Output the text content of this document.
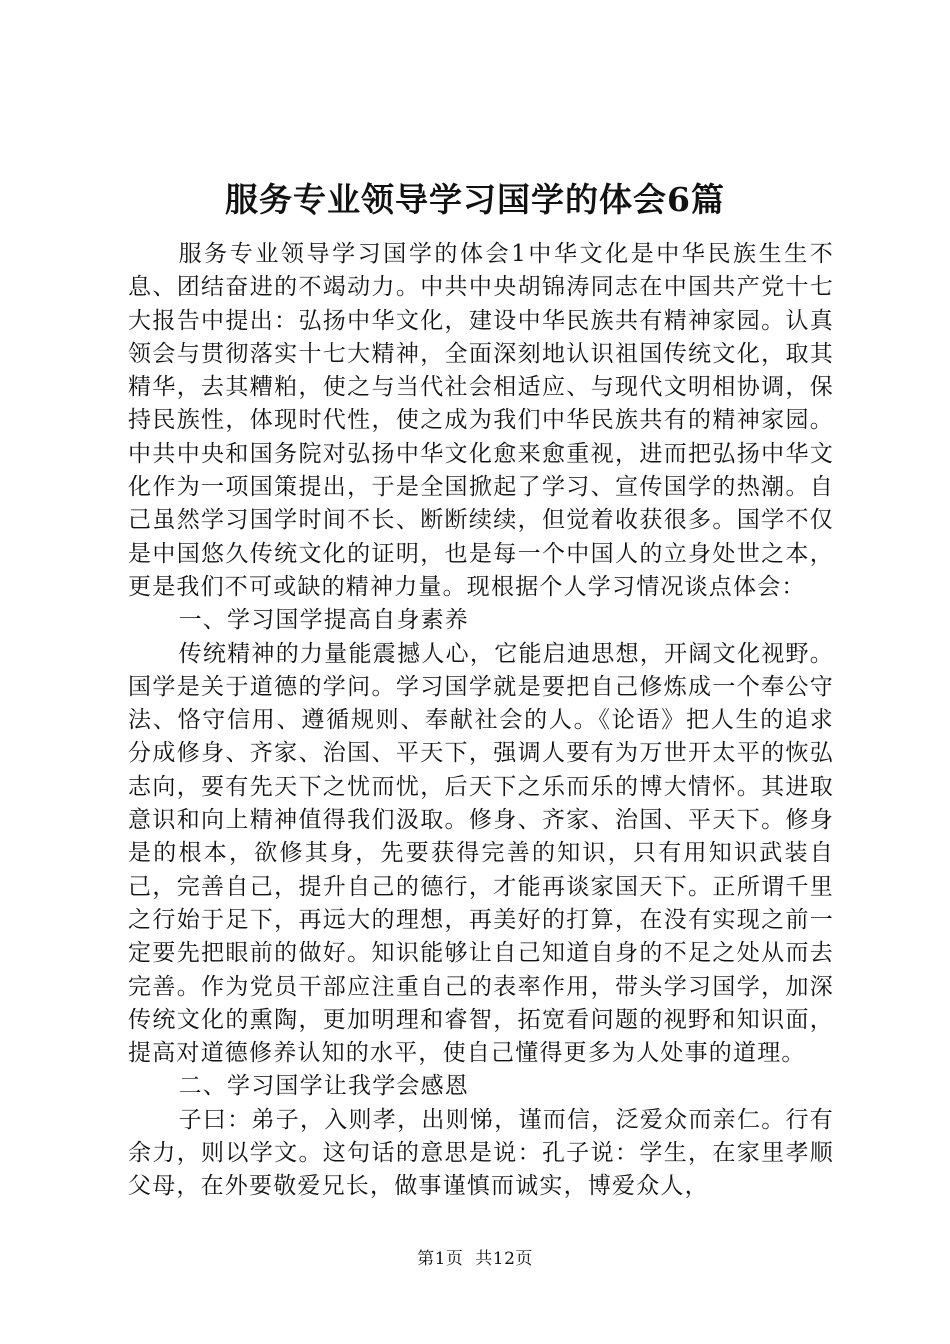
服务专业领导学习国学的体会6篇

服务专业领导学习国学的体会1中华文化是中华民族生生不息、团结奋进的不竭动力。中共中央胡锦涛同志在中国共产党十七大报告中提出：弘扬中华文化，建设中华民族共有精神家园。认真领会与贯彻落实十七大精神，全面深刻地认识祖国传统文化，取其精华，去其糟粕，使之与当代社会相适应、与现代文明相协调，保持民族性，体现时代性，使之成为我们中华民族共有的精神家园。中共中央和国务院对弘扬中华文化愈来愈重视，进而把弘扬中华文化作为一项国策提出，于是全国掀起了学习、宣传国学的热潮。自己虽然学习国学时间不长、断断续续，但觉着收获很多。国学不仅是中国悠久传统文化的证明，也是每一个中国人的立身处世之本，更是我们不可或缺的精神力量。现根据个人学习情况谈点体会：

一、学习国学提高自身素养

传统精神的力量能震撼人心，它能启迪思想，开阔文化视野。国学是关于道德的学问。学习国学就是要把自己修炼成一个奉公守法、恪守信用、遵循规则、奉献社会的人。《论语》把人生的追求分成修身、齐家、治国、平天下，强调人要有为万世开太平的恢弘志向，要有先天下之忧而忧，后天下之乐而乐的博大情怀。其进取意识和向上精神值得我们汲取。修身、齐家、治国、平天下。修身是的根本，欲修其身，先要获得完善的知识，只有用知识武装自己，完善自己，提升自己的德行，才能再谈家国天下。正所谓千里之行始于足下，再远大的理想，再美好的打算，在没有实现之前一定要先把眼前的做好。知识能够让自己知道自身的不足之处从而去完善。作为党员干部应注重自己的表率作用，带头学习国学，加深传统文化的熏陶，更加明理和睿智，拓宽看问题的视野和知识面，提高对道德修养认知的水平，使自己懂得更多为人处事的道理。

二、学习国学让我学会感恩

子曰：弟子，入则孝，出则悌，谨而信，泛爱众而亲仁。行有余力，则以学文。这句话的意思是说：孔子说：学生，在家里孝顺父母，在外要敬爱兄长，做事谨慎而诚实，博爱众人，

第1页 共12页
